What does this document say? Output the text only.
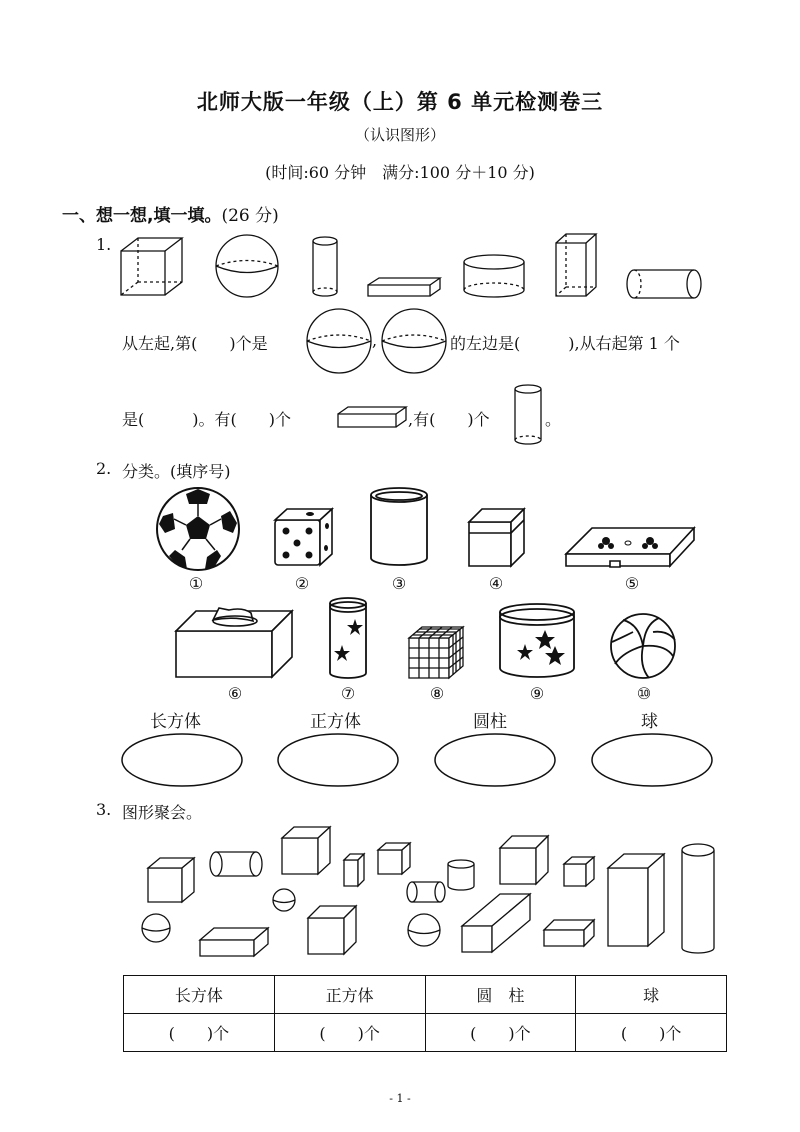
北师大版一年级（上）第 6 单元检测卷三
（认识图形）
(时间:60 分钟　满分:100 分＋10 分)
一、想一想,填一填。(26 分)
1.
从左起,第(　　)个是	,	的左边是(　　　),从右起第 1 个
是(　　　)。有(　　)个	,有(　　)个	。
2. 分类。(填序号)
①	②	③	④	⑤
⑥	⑦	⑧	⑨	⑩
长方体	正方体	圆柱	球
3. 图形聚会。
长方体	正方体	圆　柱	球
(　　)个	(　　)个	(　　)个	(　　)个
- 1 -
